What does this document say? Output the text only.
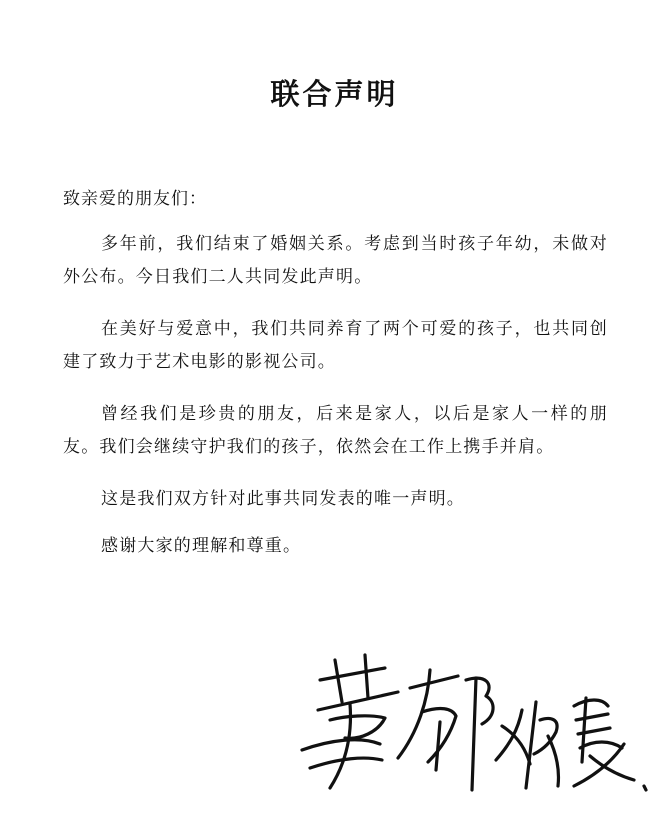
联合声明
致亲爱的朋友们：
多年前，我们结束了婚姻关系。考虑到当时孩子年幼，未做对外公布。今日我们二人共同发此声明。
在美好与爱意中，我们共同养育了两个可爱的孩子，也共同创建了致力于艺术电影的影视公司。
曾经我们是珍贵的朋友，后来是家人，以后是家人一样的朋友。我们会继续守护我们的孩子，依然会在工作上携手并肩。
这是我们双方针对此事共同发表的唯一声明。
感谢大家的理解和尊重。
